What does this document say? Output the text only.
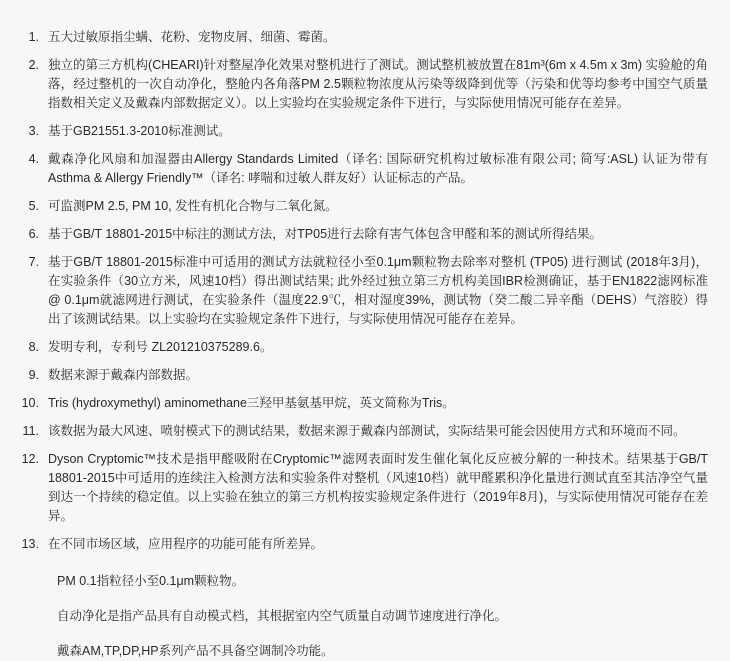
1. 五大过敏原指尘螨、花粉、宠物皮屑、细菌、霉菌。
2. 独立的第三方机构(CHEARI)针对整屋净化效果对整机进行了测试。测试整机被放置在81m³(6m x 4.5m x 3m) 实验舱的角落，经过整机的一次自动净化，整舱内各角落PM 2.5颗粒物浓度从污染等级降到优等（污染和优等均参考中国空气质量指数相关定义及戴森内部数据定义）。以上实验均在实验规定条件下进行，与实际使用情况可能存在差异。
3. 基于GB21551.3-2010标准测试。
4. 戴森净化风扇和加湿器由Allergy Standards Limited（译名: 国际研究机构过敏标准有限公司; 简写:ASL) 认证为带有Asthma & Allergy Friendly™（译名: 哮喘和过敏人群友好）认证标志的产品。
5. 可监测PM 2.5, PM 10, 发性有机化合物与二氧化氮。
6. 基于GB/T 18801-2015中标注的测试方法，对TP05进行去除有害气体包含甲醛和苯的测试所得结果。
7. 基于GB/T 18801-2015标准中可适用的测试方法就粒径小至0.1μm颗粒物去除率对整机 (TP05) 进行测试 (2018年3月)，在实验条件（30立方米，风速10档）得出测试结果; 此外经过独立第三方机构美国IBR检测确证，基于EN1822滤网标准@ 0.1μm就滤网进行测试，在实验条件（温度22.9℃，相对湿度39%，测试物（癸二酸二异辛酯（DEHS）气溶胶）得出了该测试结果。以上实验均在实验规定条件下进行，与实际使用情况可能存在差异。
8. 发明专利，专利号 ZL201210375289.6。
9. 数据来源于戴森内部数据。
10. Tris (hydroxymethyl) aminomethane三羟甲基氨基甲烷，英文简称为Tris。
11. 该数据为最大风速、喷射模式下的测试结果，数据来源于戴森内部测试，实际结果可能会因使用方式和环境而不同。
12. Dyson Cryptomic™技术是指甲醛吸附在Cryptomic™滤网表面时发生催化氧化反应被分解的一种技术。结果基于GB/T 18801-2015中可适用的连续注入检测方法和实验条件对整机（风速10档）就甲醛累积净化量进行测试直至其洁净空气量到达一个持续的稳定值。以上实验在独立的第三方机构按实验规定条件进行（2019年8月)，与实际使用情况可能存在差异。
13. 在不同市场区域，应用程序的功能可能有所差异。

PM 0.1指粒径小至0.1μm颗粒物。

自动净化是指产品具有自动模式档，其根据室内空气质量自动调节速度进行净化。

戴森AM,TP,DP,HP系列产品不具备空调制冷功能。
